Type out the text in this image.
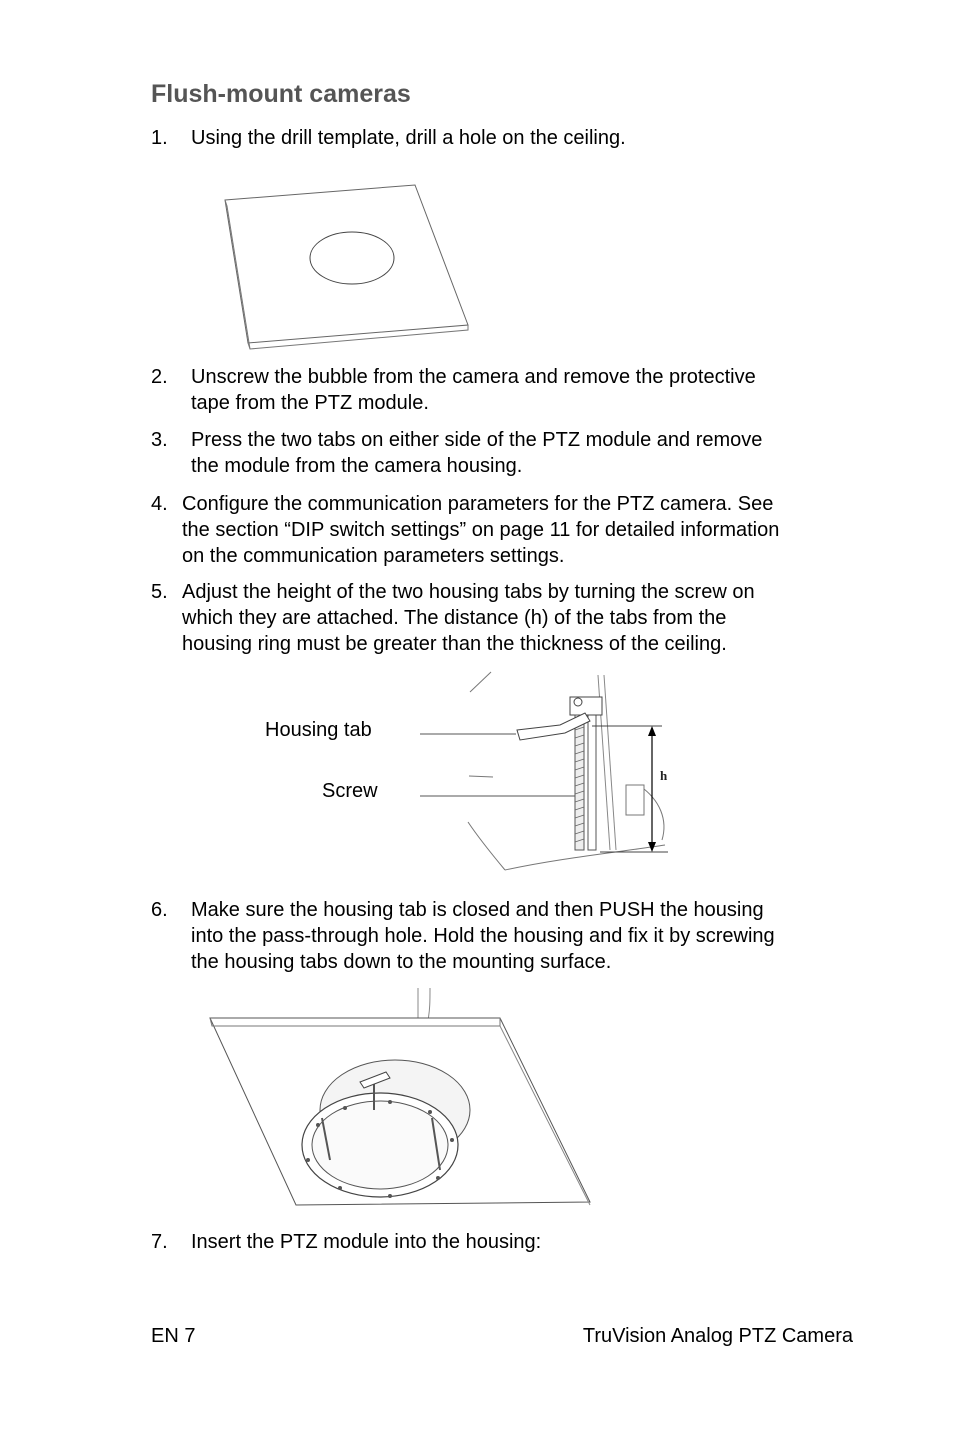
Flush-mount cameras
1. Using the drill template, drill a hole on the ceiling.
2. Unscrew the bubble from the camera and remove the protective
tape from the PTZ module.
3. Press the two tabs on either side of the PTZ module and remove
the module from the camera housing.
4. Configure the communication parameters for the PTZ camera. See
the section “DIP switch settings” on page 11 for detailed information
on the communication parameters settings.
5. Adjust the height of the two housing tabs by turning the screw on
which they are attached. The distance (h) of the tabs from the
housing ring must be greater than the thickness of the ceiling.
Housing tab
Screw
h
6. Make sure the housing tab is closed and then PUSH the housing
into the pass-through hole. Hold the housing and fix it by screwing
the housing tabs down to the mounting surface.
7. Insert the PTZ module into the housing:
EN 7	TruVision Analog PTZ Camera
